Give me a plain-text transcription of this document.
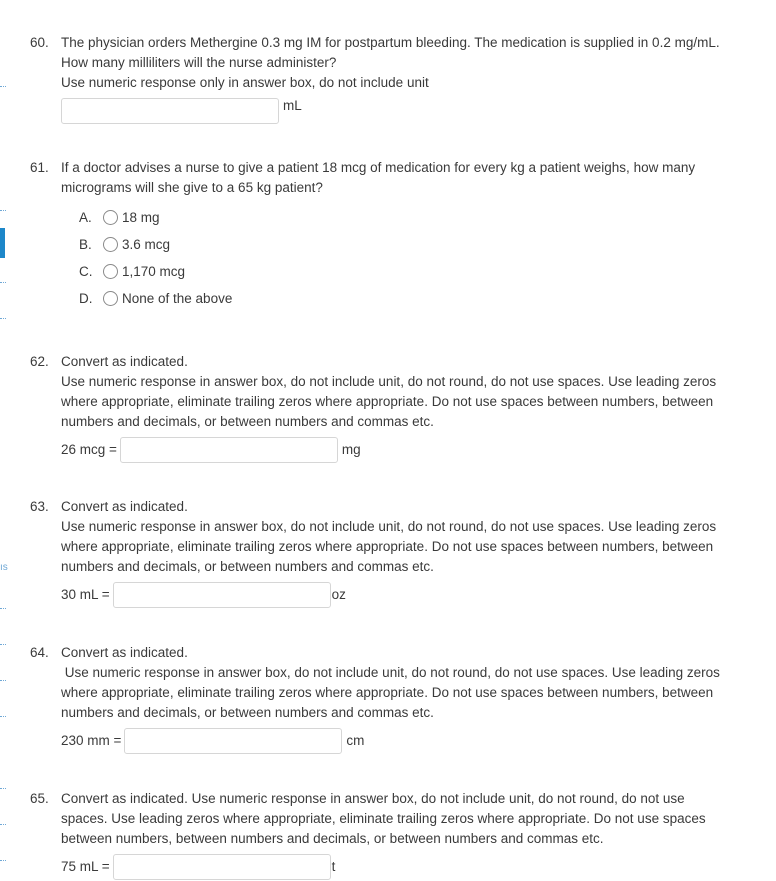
ıs
60. The physician orders Methergine 0.3 mg IM for postpartum bleeding. The medication is supplied in 0.2 mg/mL. How many milliliters will the nurse administer?

Use numeric response only in answer box, do not include unit

mL
61. If a doctor advises a nurse to give a patient 18 mcg of medication for every kg a patient weighs, how many micrograms will she give to a 65 kg patient?

A.	18 mg
B.	3.6 mcg
C.	1,170 mcg
D.	None of the above
62. Convert as indicated.

Use numeric response in answer box, do not include unit, do not round, do not use spaces. Use leading zeros where appropriate, eliminate trailing zeros where appropriate. Do not use spaces between numbers, between numbers and decimals, or between numbers and commas etc.

26 mcg =	mg
63. Convert as indicated.

Use numeric response in answer box, do not include unit, do not round, do not use spaces. Use leading zeros where appropriate, eliminate trailing zeros where appropriate. Do not use spaces between numbers, between numbers and decimals, or between numbers and commas etc.

30 mL =	oz
64. Convert as indicated.

Use numeric response in answer box, do not include unit, do not round, do not use spaces. Use leading zeros where appropriate, eliminate trailing zeros where appropriate. Do not use spaces between numbers, between numbers and decimals, or between numbers and commas etc.

230 mm =	cm
65. Convert as indicated. Use numeric response in answer box, do not include unit, do not round, do not use spaces. Use leading zeros where appropriate, eliminate trailing zeros where appropriate. Do not use spaces between numbers, between numbers and decimals, or between numbers and commas etc.

75 mL =	t
